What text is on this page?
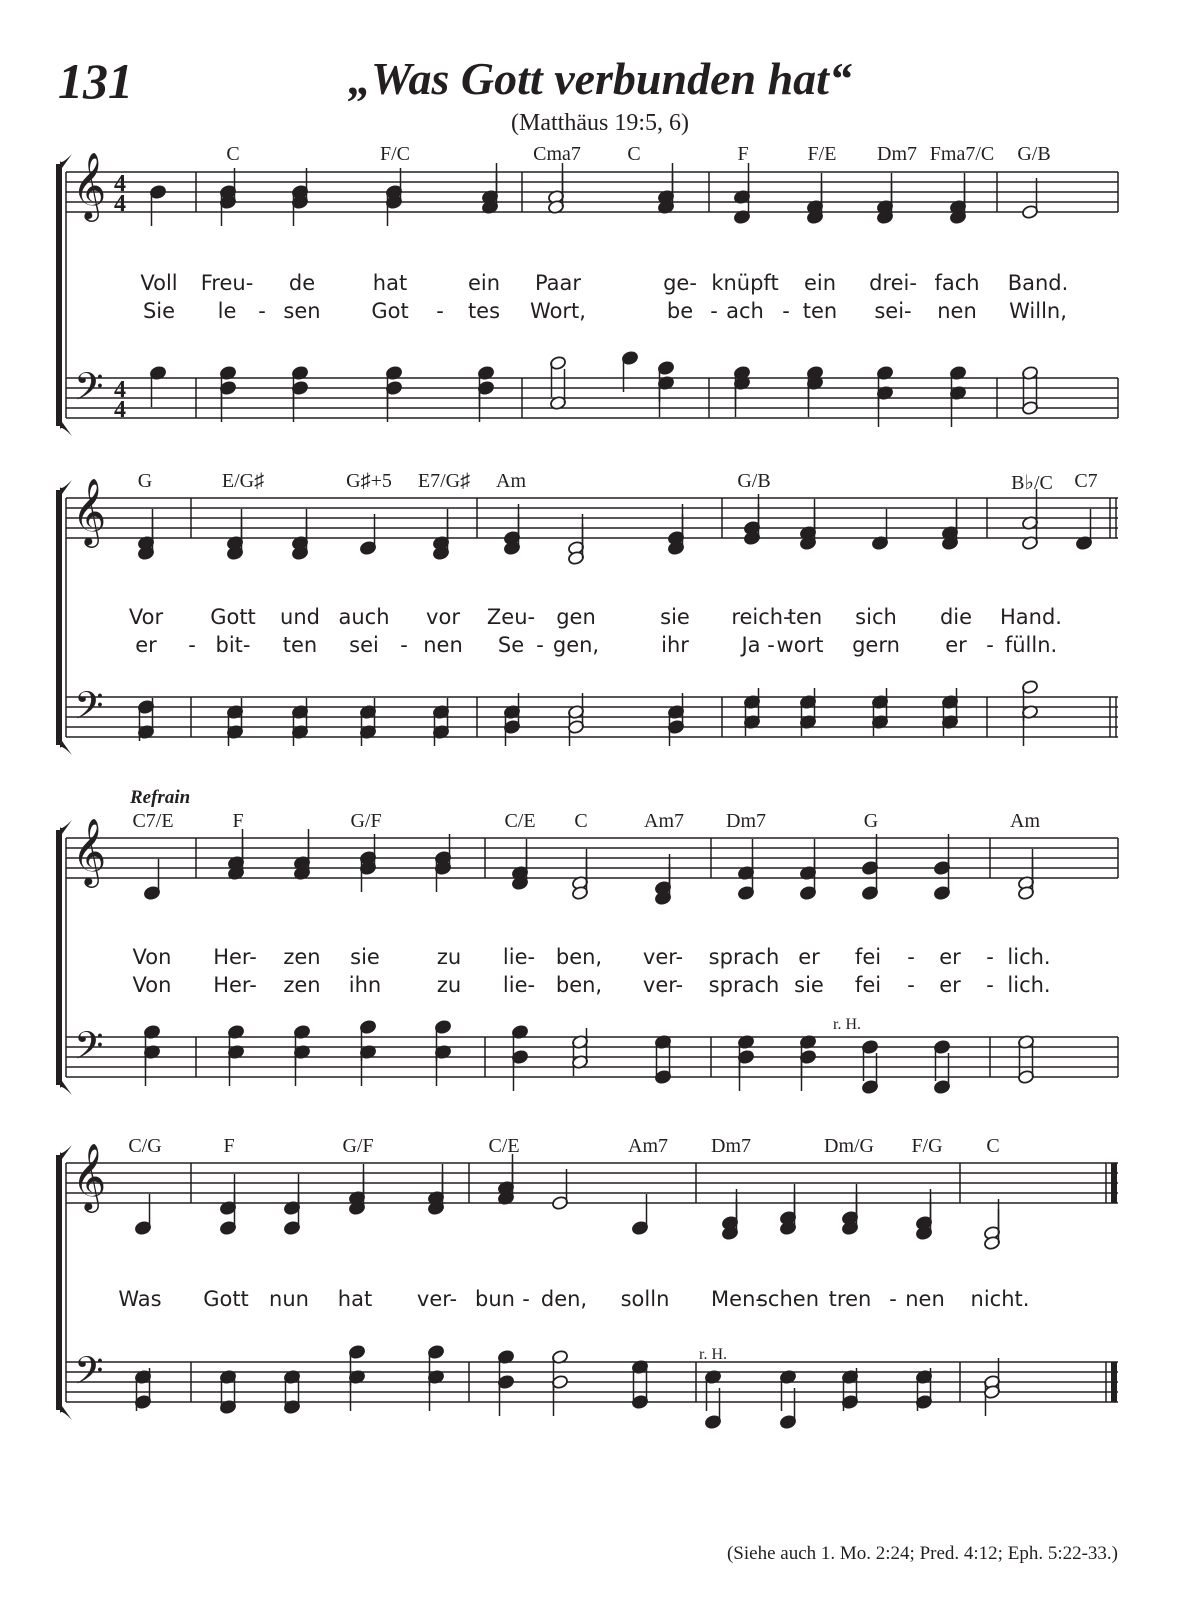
131	„Was Gott verbunden hat“
(Matthäus 19:5, 6)
𝄞
𝄢
4
4
4
4
𝄞
𝄢
𝄞
𝄢
𝄞
𝄢
C	F/C	Cma7 C	F	F/E Dm7 Fma7/C G/B
Voll Freu- de	hat	ein Paar	ge- knüpft ein drei- fach Band.
Sie le - sen Got - tes Wort,	be - ach - ten sei- nen Willn,
G	E/G♯	G♯+5 E7/G♯ Am	G/B	B♭/C C7
Vor Gott und auch vor Zeu- gen	sie reich-
ten sich die Hand.
er - bit- ten sei - nen Se - gen,	ihr	Ja - wort gern er - fülln.
Refrain
C7/E	F	G/F	C/E C	Am7 Dm7	G	Am
Von Her- zen sie	zu lie- ben, ver- sprach er fei - er - lich.
Von Her- zen ihn	zu lie- ben, ver- sprach sie fei - er - lich.
r. H.
C/G	F	G/F	C/E	Am7 Dm7	Dm/G F/G C
Was Gott nun hat ver- bun - den, solln Men-
schen tren - nen nicht.
r. H.
(Siehe auch 1. Mo. 2:24; Pred. 4:12; Eph. 5:22-33.)
